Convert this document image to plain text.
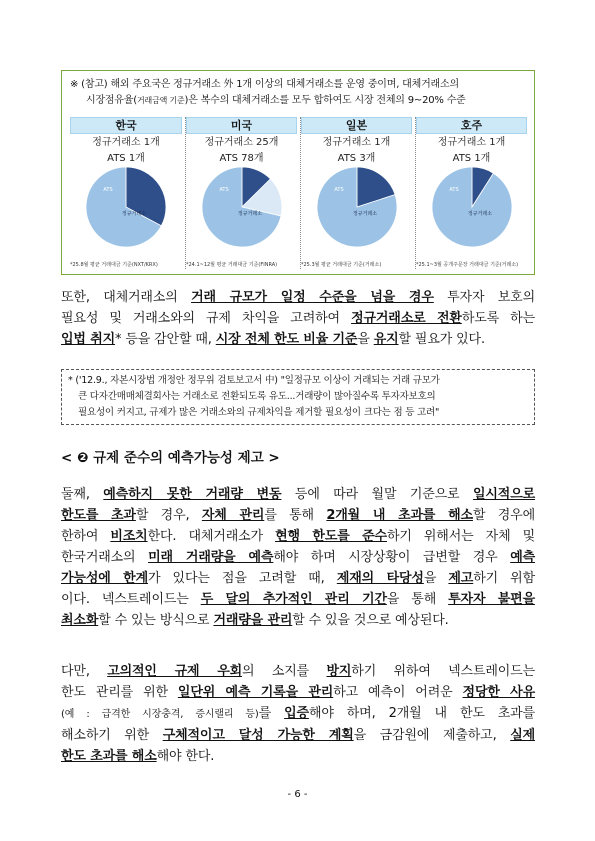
※ (참고) 해외 주요국은 정규거래소 外 1개 이상의 대체거래소를 운영 중이며, 대체거래소의
시장점유율(거래금액 기준)은 복수의 대체거래소를 모두 합하여도 시장 전체의 9~20% 수준
한국
정규거래소 1개
ATS 1개
정규거래소
ATS
*25.8월 평균 거래대금 기준(NXT/KRX)
미국
정규거래소 25개
ATS 78개
정규거래소
ATS
*24.1~12월 평균 거래대금 기준(FINRA)
일본
정규거래소 1개
ATS 3개
정규거래소
ATS
*25.3월 평균 거래대금 기준(거래소)
호주
정규거래소 1개
ATS 1개
정규거래소
ATS
*25.1~3월 공개주문장 거래대금 기준(거래소)
또한, 대체거래소의 거래 규모가 일정 수준을 넘을 경우 투자자 보호의
필요성 및 거래소와의 규제 차익을 고려하여 정규거래소로 전환하도록 하는
입법 취지* 등을 감안할 때, 시장 전체 한도 비율 기준을 유지할 필요가 있다.
* ('12.9., 자본시장법 개정안 정무위 검토보고서 中) "일정규모 이상이 거래되는 거래 규모가
큰 다자간매매체결회사는 거래소로 전환되도록 유도...거래량이 많아질수록 투자자보호의
필요성이 커지고, 규제가 많은 거래소와의 규제차익을 제거할 필요성이 크다는 점 등 고려"
< ❷ 규제 준수의 예측가능성 제고 >
둘째, 예측하지 못한 거래량 변동 등에 따라 월말 기준으로 일시적으로
한도를 초과할 경우, 자체 관리를 통해 2개월 내 초과를 해소할 경우에
한하여 비조치한다. 대체거래소가 현행 한도를 준수하기 위해서는 자체 및
한국거래소의 미래 거래량을 예측해야 하며 시장상황이 급변할 경우 예측
가능성에 한계가 있다는 점을 고려할 때, 제재의 타당성을 제고하기 위함
이다. 넥스트레이드는 두 달의 추가적인 관리 기간을 통해 투자자 불편을
최소화할 수 있는 방식으로 거래량을 관리할 수 있을 것으로 예상된다.
다만, 고의적인 규제 우회의 소지를 방지하기 위하여 넥스트레이드는
한도 관리를 위한 일단위 예측 기록을 관리하고 예측이 어려운 정당한 사유
(예 : 급격한 시장충격, 증시랠리 등)를 입증해야 하며, 2개월 내 한도 초과를
해소하기 위한 구체적이고 달성 가능한 계획을 금감원에 제출하고, 실제
한도 초과를 해소해야 한다.
- 6 -
